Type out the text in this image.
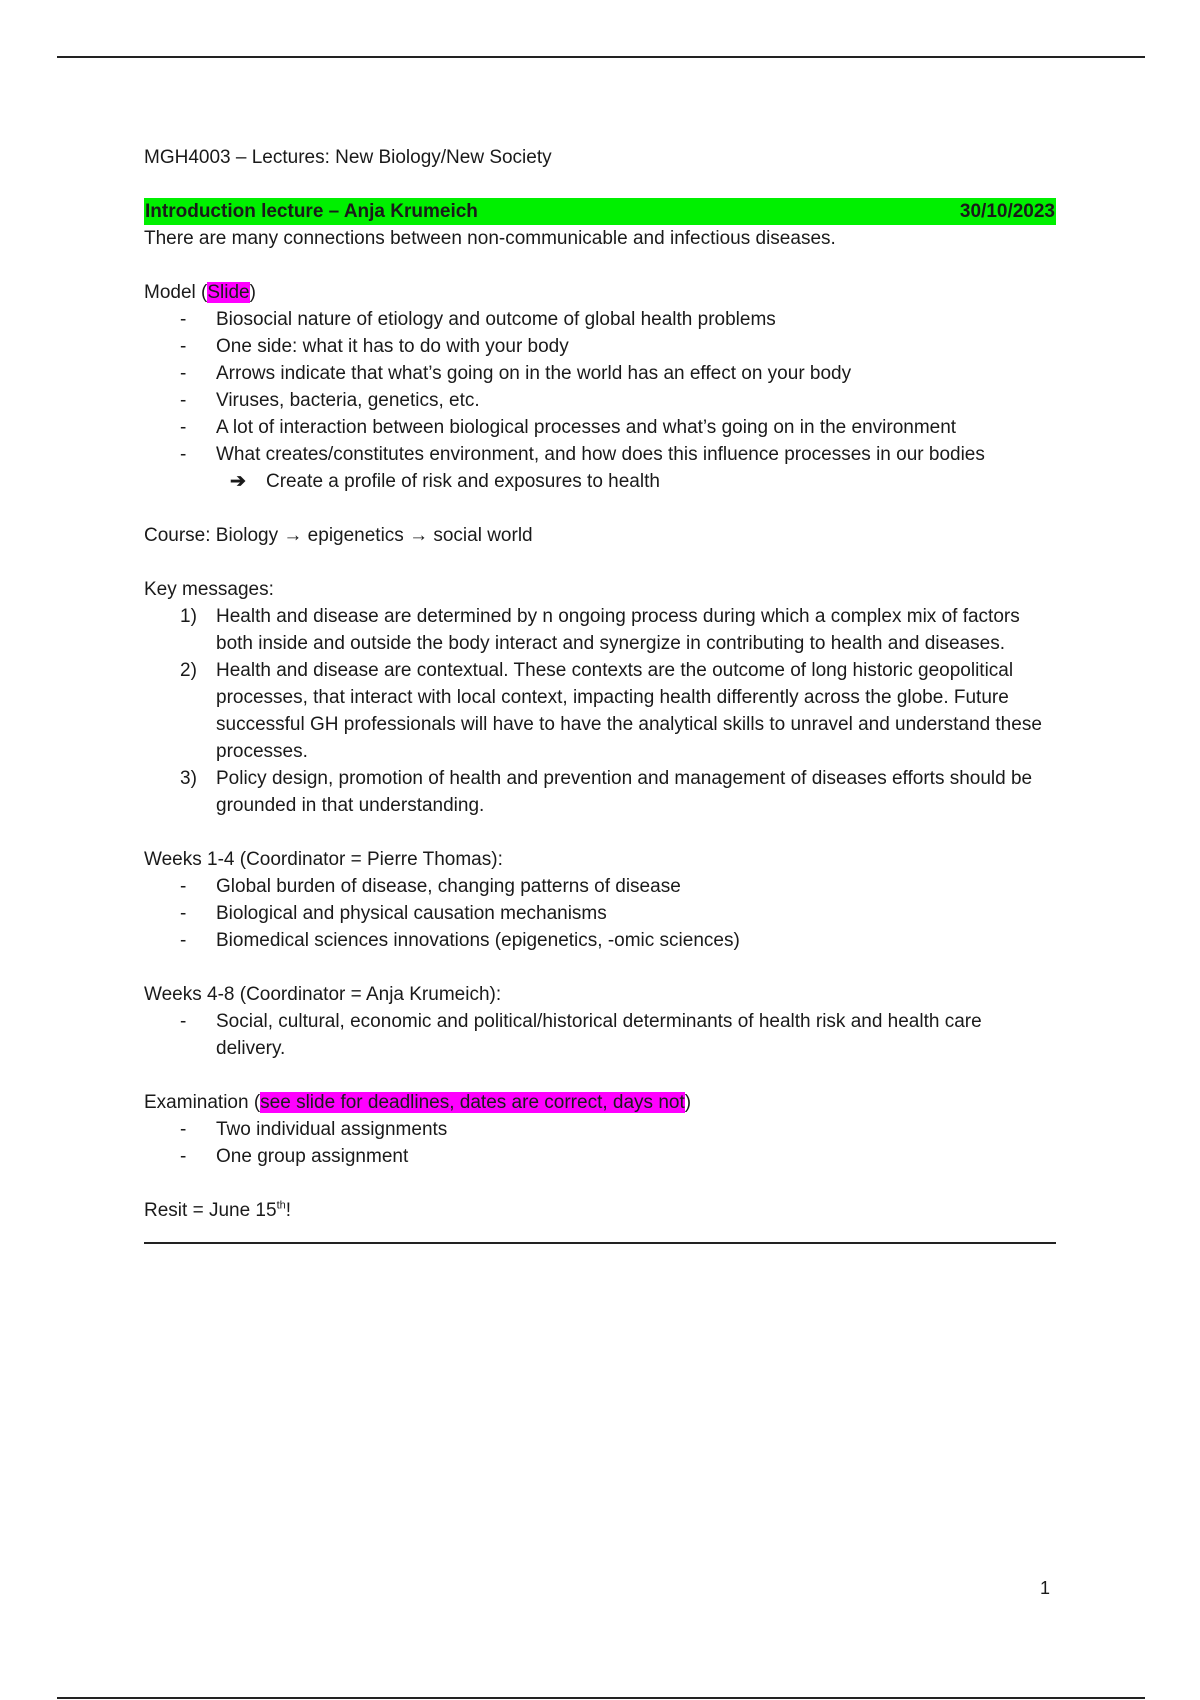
MGH4003 – Lectures: New Biology/New Society

Introduction lecture – Anja Krumeich	30/10/2023

There are many connections between non-communicable and infectious diseases.

Model (Slide)

- Biosocial nature of etiology and outcome of global health problems
- One side: what it has to do with your body
- Arrows indicate that what’s going on in the world has an effect on your body
- Viruses, bacteria, genetics, etc.
- A lot of interaction between biological processes and what’s going on in the environment
- What creates/constitutes environment, and how does this influence processes in our bodies
➔ Create a profile of risk and exposures to health

Course: Biology → epigenetics → social world

Key messages:

1) Health and disease are determined by n ongoing process during which a complex mix of factors both inside and outside the body interact and synergize in contributing to health and diseases.
2) Health and disease are contextual. These contexts are the outcome of long historic geopolitical processes, that interact with local context, impacting health differently across the globe. Future successful GH professionals will have to have the analytical skills to unravel and understand these processes.
3) Policy design, promotion of health and prevention and management of diseases efforts should be grounded in that understanding.

Weeks 1-4 (Coordinator = Pierre Thomas):

- Global burden of disease, changing patterns of disease
- Biological and physical causation mechanisms
- Biomedical sciences innovations (epigenetics, -omic sciences)

Weeks 4-8 (Coordinator = Anja Krumeich):

- Social, cultural, economic and political/historical determinants of health risk and health care delivery.

Examination (see slide for deadlines, dates are correct, days not)

- Two individual assignments
- One group assignment

Resit = June 15th!

1
